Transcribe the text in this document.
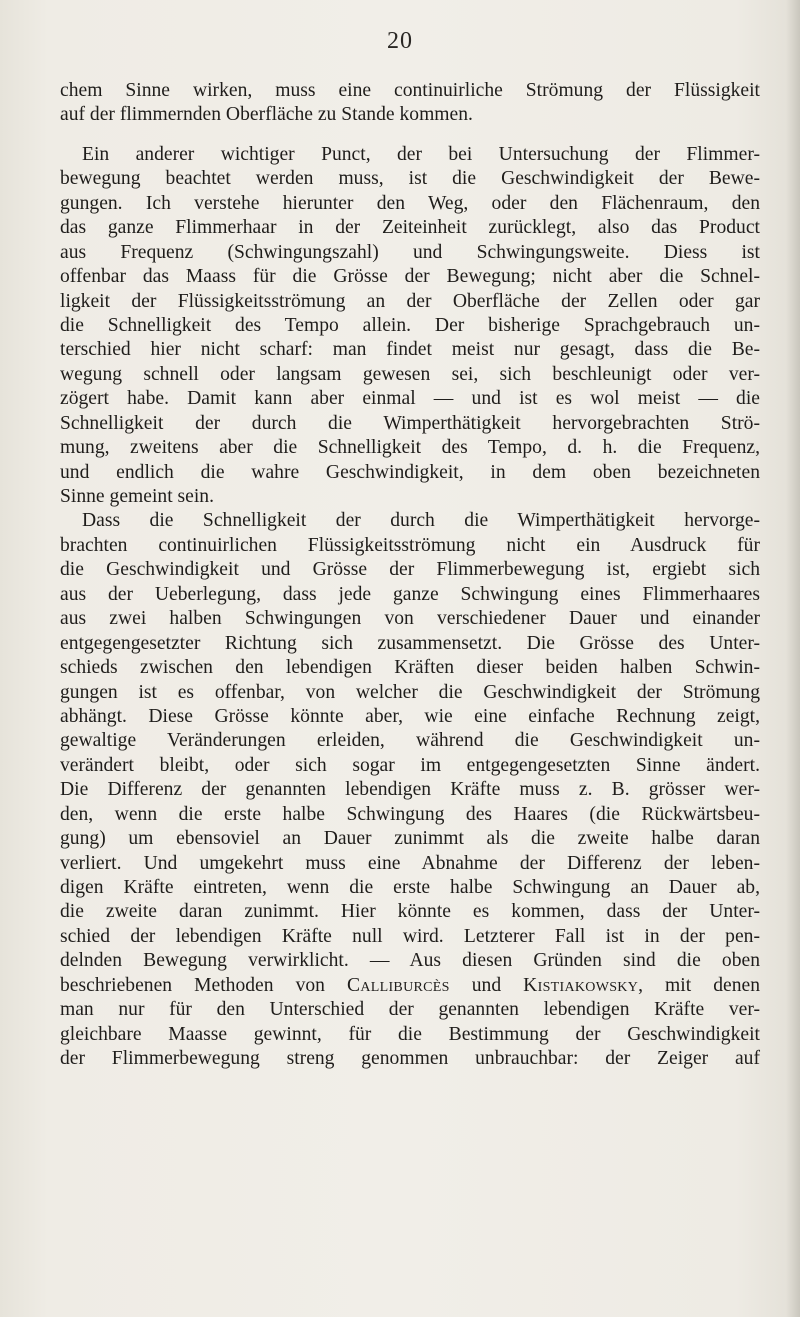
20
chem Sinne wirken, muss eine continuirliche Strömung der Flüssigkeit
auf der flimmernden Oberfläche zu Stande kommen.
Ein anderer wichtiger Punct, der bei Untersuchung der Flimmer-
bewegung beachtet werden muss, ist die Geschwindigkeit der Bewe-
gungen. Ich verstehe hierunter den Weg, oder den Flächenraum, den
das ganze Flimmerhaar in der Zeiteinheit zurücklegt, also das Product
aus Frequenz (Schwingungszahl) und Schwingungsweite. Diess ist
offenbar das Maass für die Grösse der Bewegung; nicht aber die Schnel-
ligkeit der Flüssigkeitsströmung an der Oberfläche der Zellen oder gar
die Schnelligkeit des Tempo allein. Der bisherige Sprachgebrauch un-
terschied hier nicht scharf: man findet meist nur gesagt, dass die Be-
wegung schnell oder langsam gewesen sei, sich beschleunigt oder ver-
zögert habe. Damit kann aber einmal — und ist es wol meist — die
Schnelligkeit der durch die Wimperthätigkeit hervorgebrachten Strö-
mung, zweitens aber die Schnelligkeit des Tempo, d. h. die Frequenz,
und endlich die wahre Geschwindigkeit, in dem oben bezeichneten
Sinne gemeint sein.
Dass die Schnelligkeit der durch die Wimperthätigkeit hervorge-
brachten continuirlichen Flüssigkeitsströmung nicht ein Ausdruck für
die Geschwindigkeit und Grösse der Flimmerbewegung ist, ergiebt sich
aus der Ueberlegung, dass jede ganze Schwingung eines Flimmerhaares
aus zwei halben Schwingungen von verschiedener Dauer und einander
entgegengesetzter Richtung sich zusammensetzt. Die Grösse des Unter-
schieds zwischen den lebendigen Kräften dieser beiden halben Schwin-
gungen ist es offenbar, von welcher die Geschwindigkeit der Strömung
abhängt. Diese Grösse könnte aber, wie eine einfache Rechnung zeigt,
gewaltige Veränderungen erleiden, während die Geschwindigkeit un-
verändert bleibt, oder sich sogar im entgegengesetzten Sinne ändert.
Die Differenz der genannten lebendigen Kräfte muss z. B. grösser wer-
den, wenn die erste halbe Schwingung des Haares (die Rückwärtsbeu-
gung) um ebensoviel an Dauer zunimmt als die zweite halbe daran
verliert. Und umgekehrt muss eine Abnahme der Differenz der leben-
digen Kräfte eintreten, wenn die erste halbe Schwingung an Dauer ab,
die zweite daran zunimmt. Hier könnte es kommen, dass der Unter-
schied der lebendigen Kräfte null wird. Letzterer Fall ist in der pen-
delnden Bewegung verwirklicht. — Aus diesen Gründen sind die oben
beschriebenen Methoden von Calliburcès und Kistiakowsky, mit denen
man nur für den Unterschied der genannten lebendigen Kräfte ver-
gleichbare Maasse gewinnt, für die Bestimmung der Geschwindigkeit
der Flimmerbewegung streng genommen unbrauchbar: der Zeiger auf
